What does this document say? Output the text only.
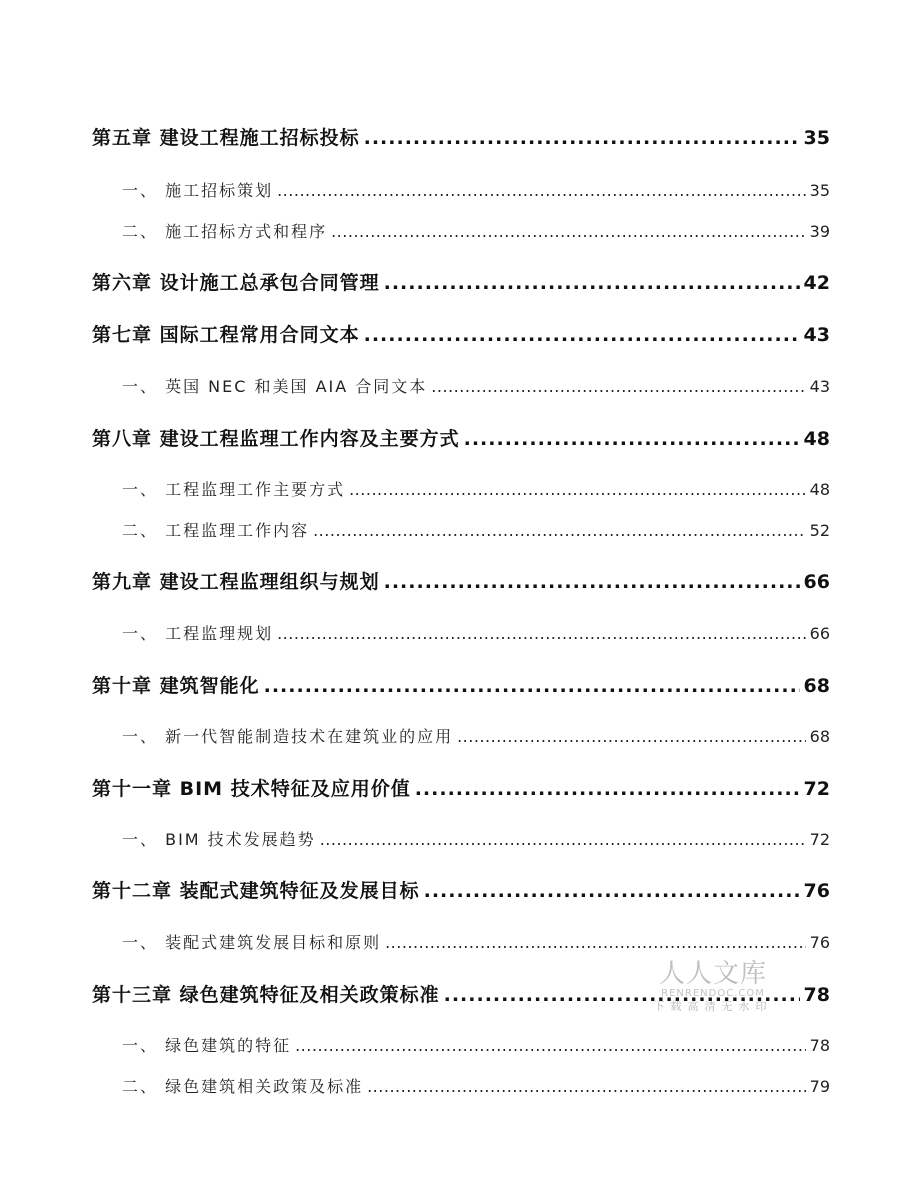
第五章 建设工程施工招标投标 .....	35
一、 施工招标策划 .....	35
二、 施工招标方式和程序 .....	39
第六章 设计施工总承包合同管理 .....	42
第七章 国际工程常用合同文本 .....	43
一、 英国 NEC 和美国 AIA 合同文本 .....	43
第八章 建设工程监理工作内容及主要方式 .....	48
一、 工程监理工作主要方式 .....	48
二、 工程监理工作内容 .....	52
第九章 建设工程监理组织与规划 .....	66
一、 工程监理规划 .....	66
第十章 建筑智能化 .....	68
一、 新一代智能制造技术在建筑业的应用 .....	68
第十一章 BIM 技术特征及应用价值 .....	72
一、 BIM 技术发展趋势 .....	72
第十二章 装配式建筑特征及发展目标 .....	76
一、 装配式建筑发展目标和原则 .....	76
第十三章 绿色建筑特征及相关政策标准 .....	78
一、 绿色建筑的特征 .....	78
二、 绿色建筑相关政策及标准 .....	79
人人文库
RENRENDOC.COM
下载高清无水印
